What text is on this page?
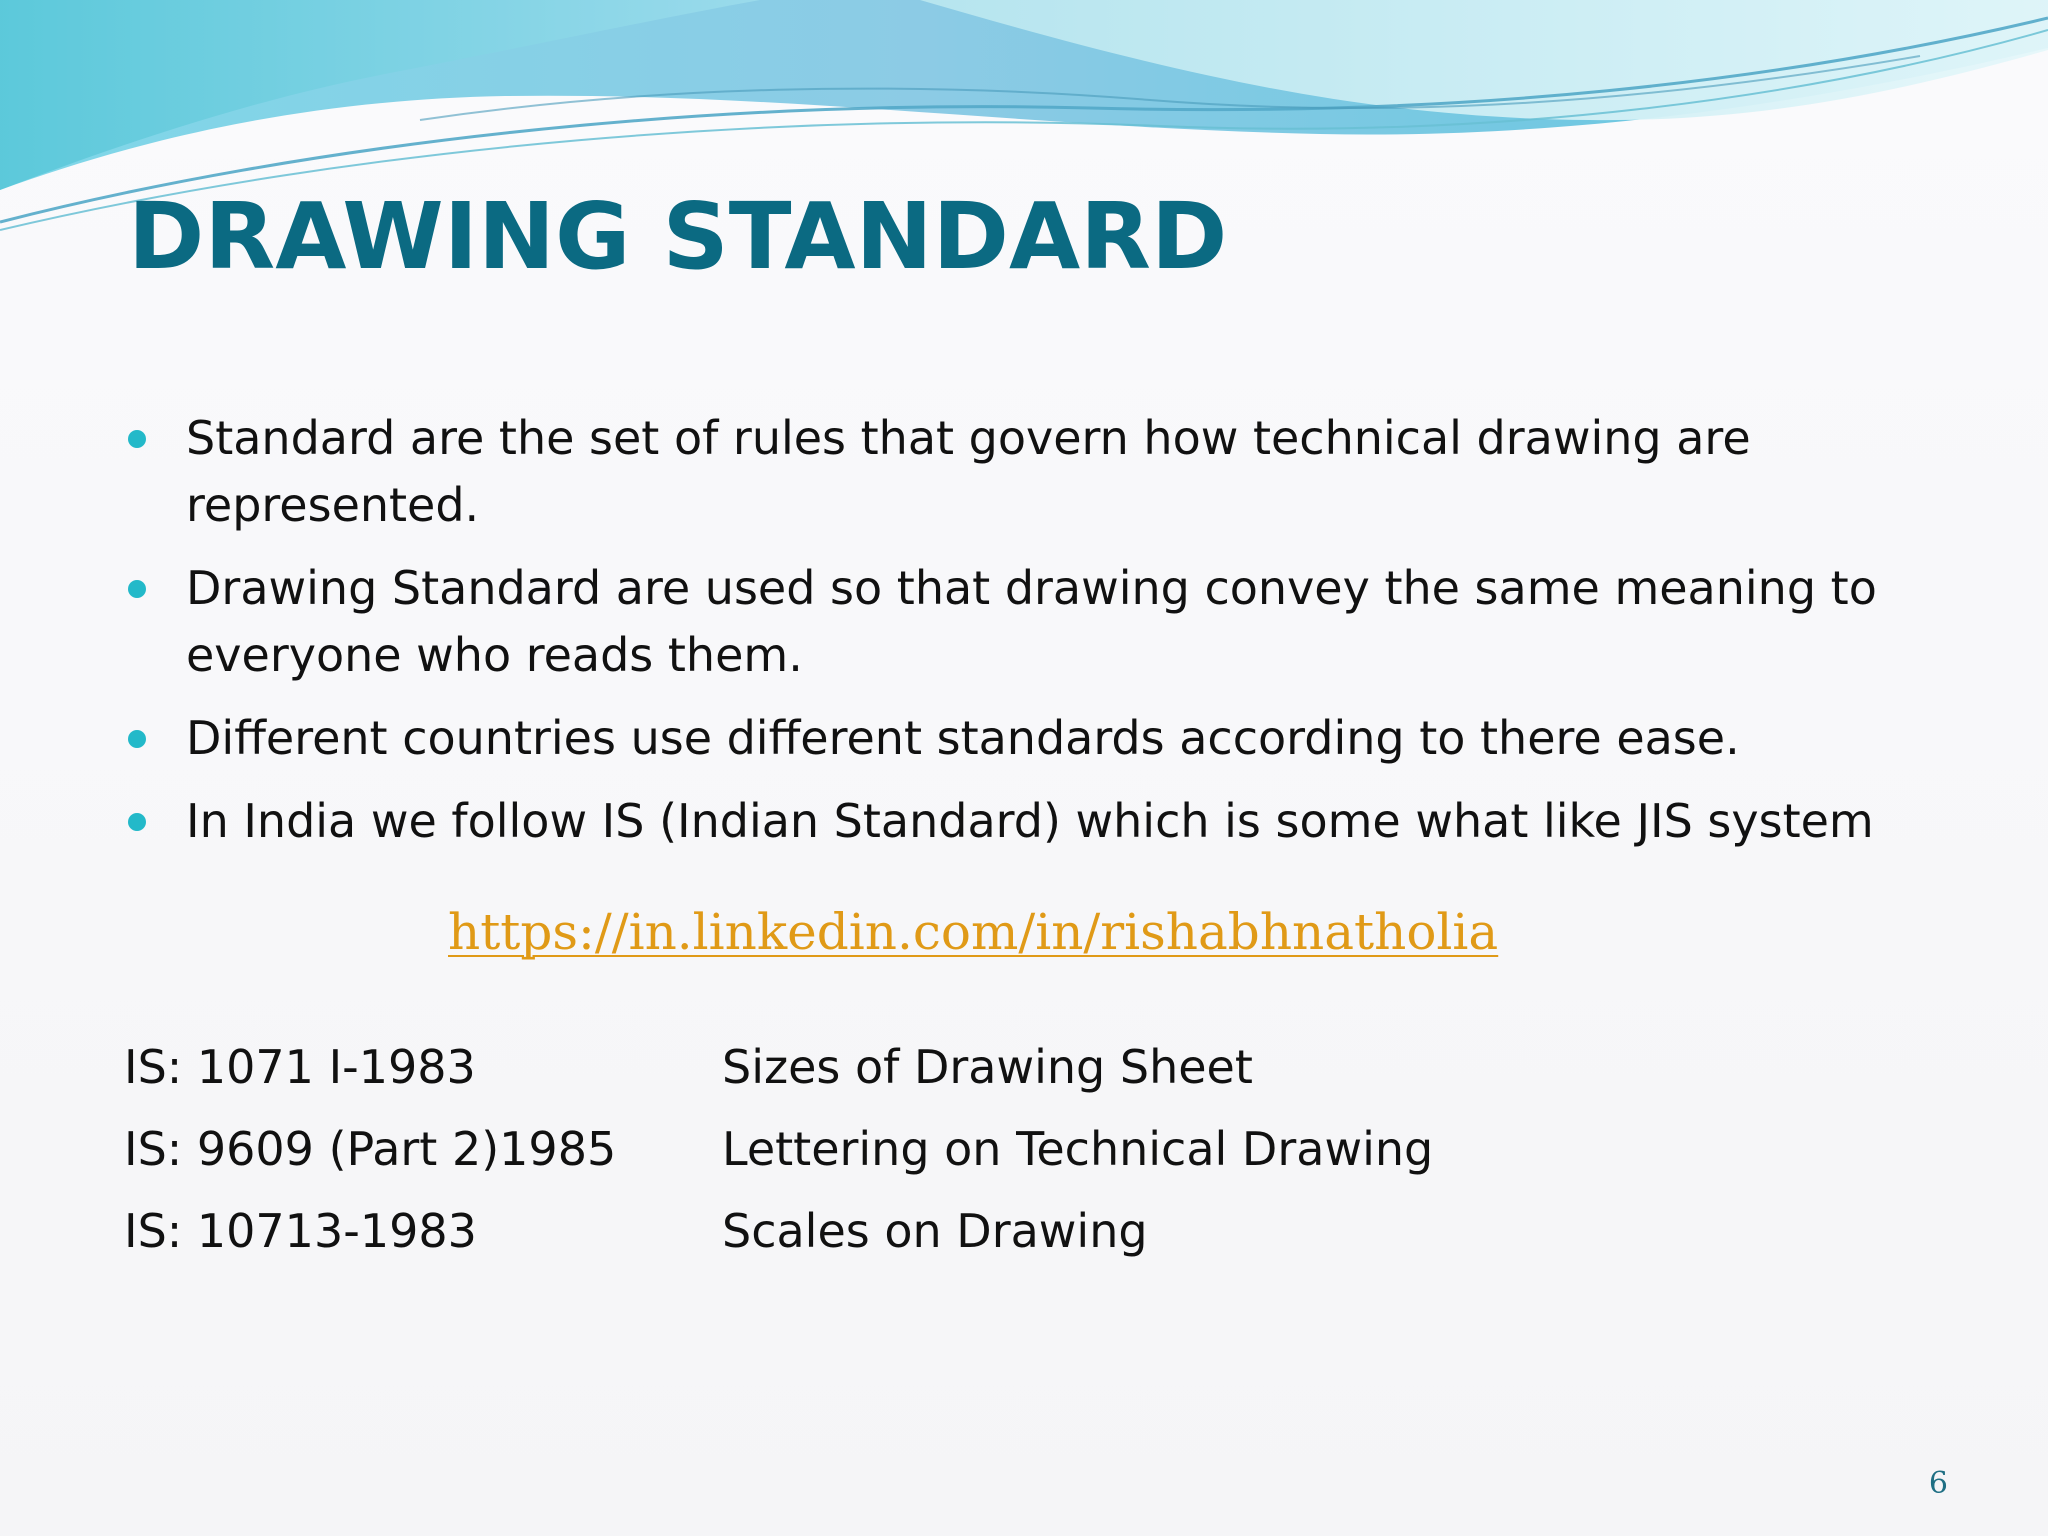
DRAWING STANDARD
Standard are the set of rules that govern how technical drawing are represented.
Drawing Standard are used so that drawing convey the same meaning to everyone who reads them.
Different countries use different standards according to there ease.
In India we follow IS (Indian Standard) which is some what like JIS system
https://in.linkedin.com/in/rishabhnatholia
IS: 1071 I-1983	Sizes of Drawing Sheet
IS: 9609 (Part 2)1985 Lettering on Technical Drawing
IS: 10713-1983	Scales on Drawing
6
